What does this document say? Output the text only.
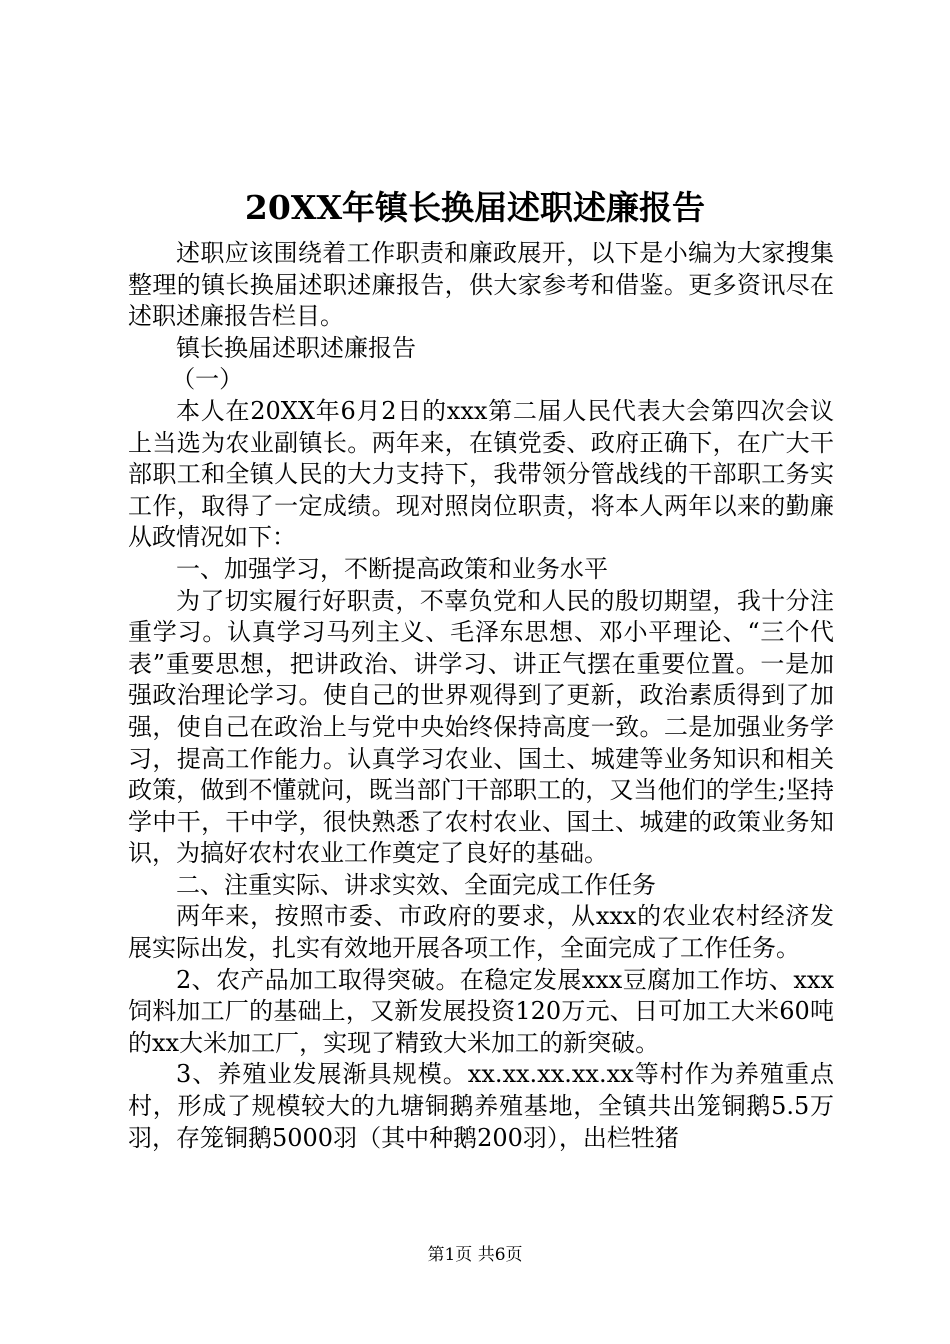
20XX年镇长换届述职述廉报告

述职应该围绕着工作职责和廉政展开，以下是小编为大家搜集整理的镇长换届述职述廉报告，供大家参考和借鉴。更多资讯尽在述职述廉报告栏目。

镇长换届述职述廉报告

（一）

本人在20XX年6月2日的xxx第二届人民代表大会第四次会议上当选为农业副镇长。两年来，在镇党委、政府正确下，在广大干部职工和全镇人民的大力支持下，我带领分管战线的干部职工务实工作，取得了一定成绩。现对照岗位职责，将本人两年以来的勤廉从政情况如下：

一、加强学习，不断提高政策和业务水平

为了切实履行好职责，不辜负党和人民的殷切期望，我十分注重学习。认真学习马列主义、毛泽东思想、邓小平理论、“三个代表”重要思想，把讲政治、讲学习、讲正气摆在重要位置。一是加强政治理论学习。使自己的世界观得到了更新，政治素质得到了加强，使自己在政治上与党中央始终保持高度一致。二是加强业务学习，提高工作能力。认真学习农业、国土、城建等业务知识和相关政策，做到不懂就问，既当部门干部职工的，又当他们的学生;坚持学中干，干中学，很快熟悉了农村农业、国土、城建的政策业务知识，为搞好农村农业工作奠定了良好的基础。

二、注重实际、讲求实效、全面完成工作任务

两年来，按照市委、市政府的要求，从xxx的农业农村经济发展实际出发，扎实有效地开展各项工作，全面完成了工作任务。

2、农产品加工取得突破。在稳定发展xxx豆腐加工作坊、xxx饲料加工厂的基础上，又新发展投资120万元、日可加工大米60吨的xx大米加工厂，实现了精致大米加工的新突破。

3、养殖业发展渐具规模。xx.xx.xx.xx.xx等村作为养殖重点村，形成了规模较大的九塘铜鹅养殖基地，全镇共出笼铜鹅5.5万羽，存笼铜鹅5000羽（其中种鹅200羽），出栏牲猪

第1页 共6页
